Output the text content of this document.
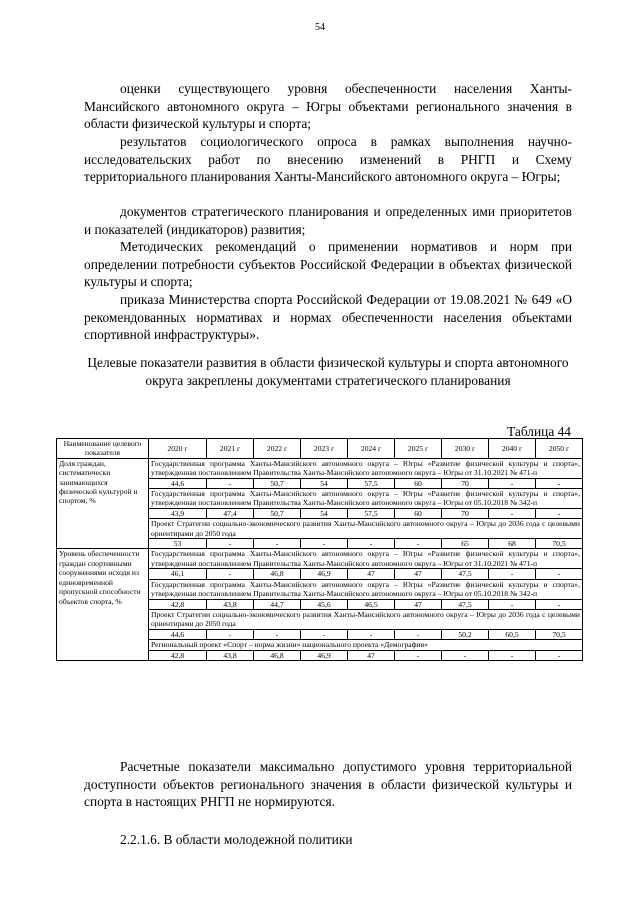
54

оценки существующего уровня обеспеченности населения Ханты-Мансийского автономного округа – Югры объектами регионального значения в области физической культуры и спорта;

результатов социологического опроса в рамках выполнения научно-исследовательских работ по внесению изменений в РНГП и Схему территориального планирования Ханты-Мансийского автономного округа – Югры;

документов стратегического планирования и определенных ими приоритетов и показателей (индикаторов) развития;

Методических рекомендаций о применении нормативов и норм при определении потребности субъектов Российской Федерации в объектах физической культуры и спорта;

приказа Министерства спорта Российской Федерации от 19.08.2021 № 649 «О рекомендованных нормативах и нормах обеспеченности населения объектами спортивной инфраструктуры».

Целевые показатели развития в области физической культуры и спорта автономного округа закреплены документами стратегического планирования

Таблица 44
Наименование целевого показателя	2020 г	2021 г	2022 г	2023 г	2024 г	2025 г	2030 г	2040 г	2050 г
Доля граждан, систематически занимающихся физической культурой и спортом, %	Государственная программа Ханты-Мансийского автономного округа – Югры «Развитие физической культуры и спорта», утвержденная постановлением Правительства Ханты-Мансийского автономного округа – Югры от 31.10.2021 № 471-п								
	44,6	-	50,7	54	57,5	60	70	-	-
	Государственная программа Ханты-Мансийского автономного округа – Югры «Развитие физической культуры и спорта», утвержденная постановлением Правительства Ханты-Мансийского автономного округа – Югры от 05.10.2018 № 342-п								
	43,9	47,4	50,7	54	57,5	60	70	-	-
	Проект Стратегии социально-экономического развития Ханты-Мансийского автономного округа – Югры до 2036 года с целевыми ориентирами до 2050 года								
	53	-	-	-	-	-	65	68	70,5
Уровень обеспеченности граждан спортивными сооружениями исходя из единовременной пропускной способности объектов спорта, %	Государственная программа Ханты-Мансийского автономного округа – Югры «Развитие физической культуры и спорта», утвержденная постановлением Правительства Ханты-Мансийского автономного округа – Югры от 31.10.2021 № 471-п								
	46,1	-	46,8	46,9	47	47	47,5	-	-
	Государственная программа Ханты-Мансийского автономного округа – Югры «Развитие физической культуры и спорта», утвержденная постановлением Правительства Ханты-Мансийского автономного округа – Югры от 05.10.2018 № 342-п								
	42,8	43,8	44,7	45,6	46,5	47	47,5	-	-
	Проект Стратегии социально-экономического развития Ханты-Мансийского автономного округа – Югры до 2036 года с целевыми ориентирами до 2050 года								
	44,6	-	-	-	-	-	50,2	60,5	70,5
	Региональный проект «Спорт – норма жизни» национального проекта «Демография»								
	42,8	43,8	46,8	46,9	47	-	-	-	-

Расчетные показатели максимально допустимого уровня территориальной доступности объектов регионального значения в области физической культуры и спорта в настоящих РНГП не нормируются.

2.2.1.6. В области молодежной политики
